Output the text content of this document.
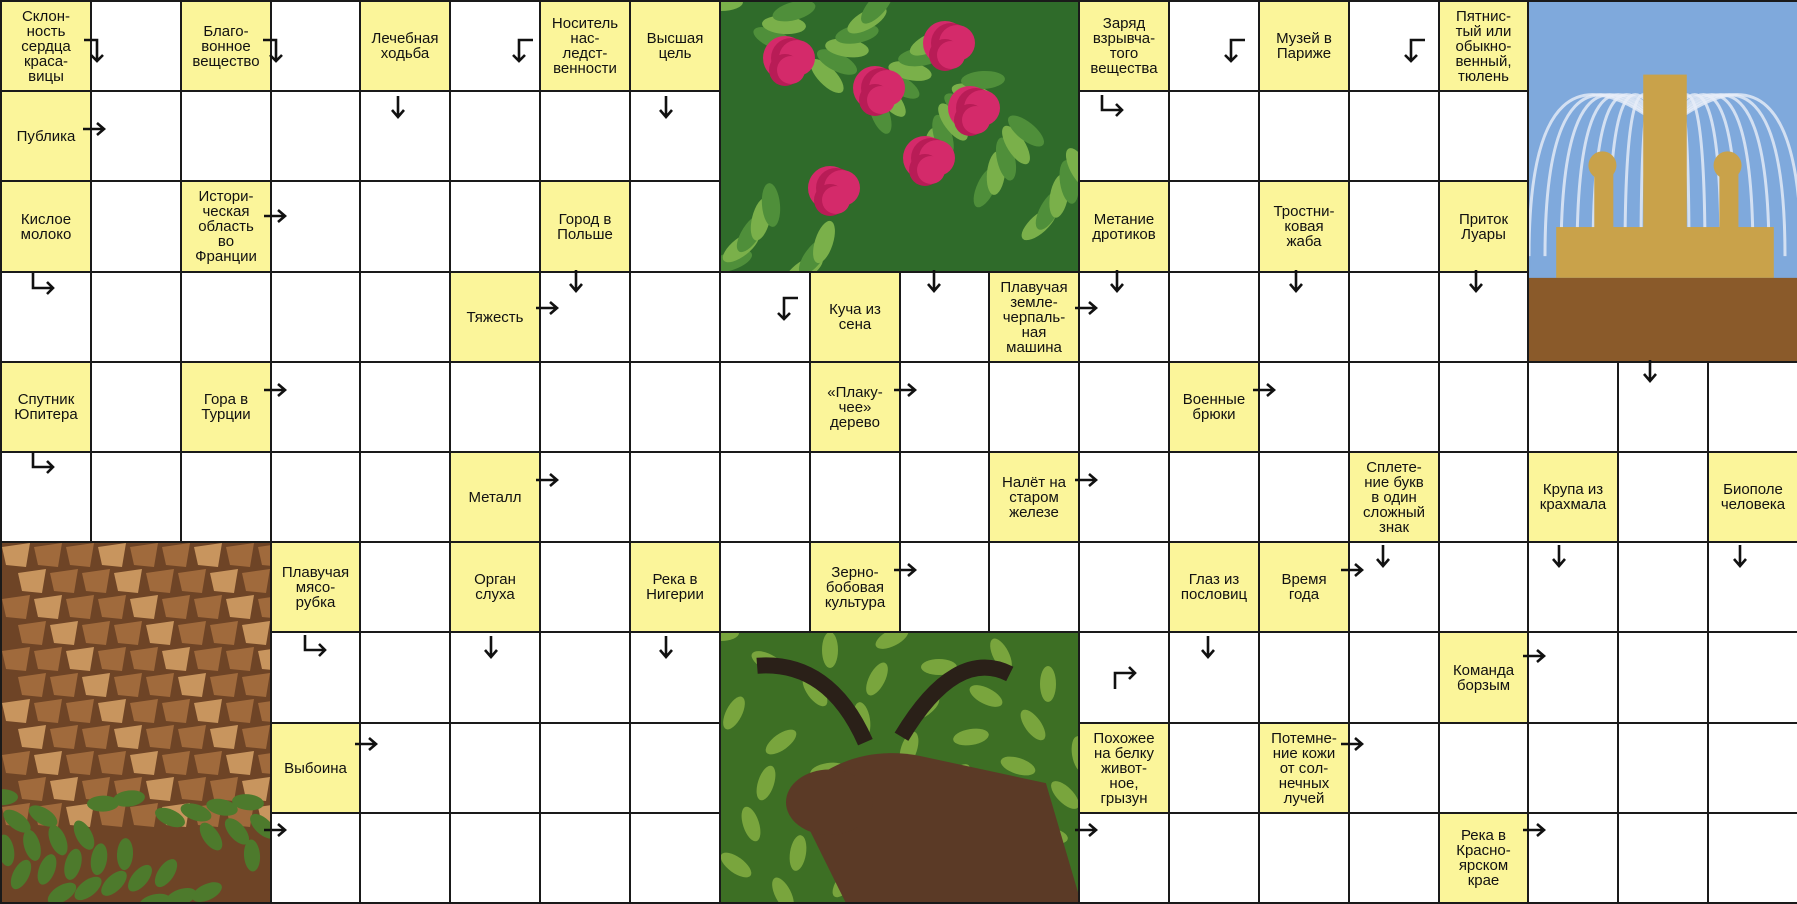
Склон-
ность
сердца
краса-
вицы
Благо-
вонное
вещество
Лечебная
ходьба
Носитель
нас-
ледст-
венности
Высшая
цель
Заряд
взрывча-
того
вещества
Музей в
Париже
Пятнис-
тый или
обыкно-
венный,
тюлень
Публика
Кислое
молоко
Истори-
ческая
область
во
Франции
Город в
Польше
Метание
дротиков
Тростни-
ковая
жаба
Приток
Луары
Тяжесть	Куча из
сена
Плавучая
земле-
черпаль-
ная
машина
Спутник
Юпитера
Гора в
Турции
«Плаку-
чее»
дерево
Военные
брюки
Металл
Налёт на
старом
железе
Сплете-
ние букв
в один
сложный
знак
Крупа из
крахмала
Биополе
человека
Плавучая
мясо-
рубка
Орган
слуха
Река в
Нигерии
Зерно-
бобовая
культура
Глаз из
пословиц
Время
года
Команда
борзым
Выбоина
Похожее
на белку
живот-
ное,
грызун
Потемне-
ние кожи
от сол-
нечных
лучей
Река в
Красно-
ярском
крае
